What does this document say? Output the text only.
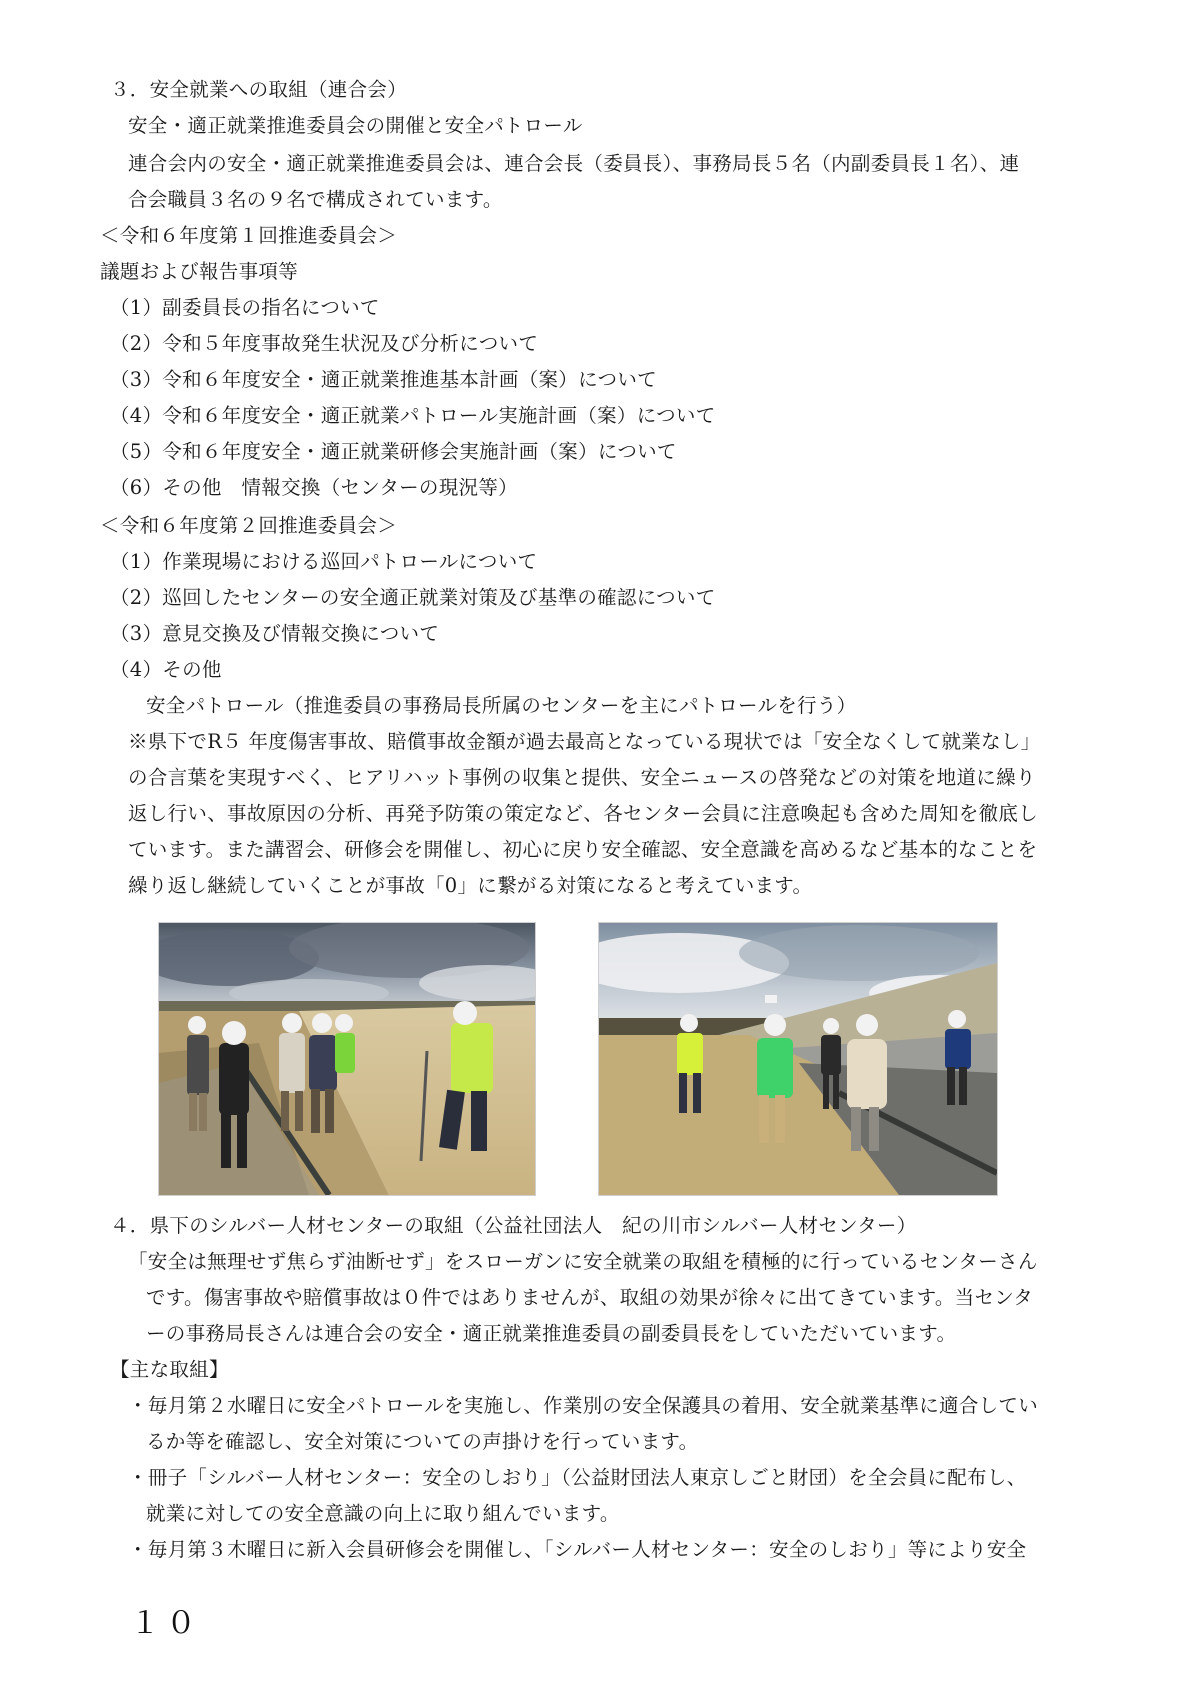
３．安全就業への取組（連合会）
安全・適正就業推進委員会の開催と安全パトロール
連合会内の安全・適正就業推進委員会は、連合会長（委員長）、事務局長５名（内副委員長１名）、連
合会職員３名の９名で構成されています。
＜令和６年度第１回推進委員会＞
議題および報告事項等
（1）副委員長の指名について
（2）令和５年度事故発生状況及び分析について
（3）令和６年度安全・適正就業推進基本計画（案）について
（4）令和６年度安全・適正就業パトロール実施計画（案）について
（5）令和６年度安全・適正就業研修会実施計画（案）について
（6）その他　情報交換（センターの現況等）
＜令和６年度第２回推進委員会＞
（1）作業現場における巡回パトロールについて
（2）巡回したセンターの安全適正就業対策及び基準の確認について
（3）意見交換及び情報交換について
（4）その他
安全パトロール（推進委員の事務局長所属のセンターを主にパトロールを行う）
※県下でR５ 年度傷害事故、賠償事故金額が過去最高となっている現状では「安全なくして就業なし」
の合言葉を実現すべく、ヒアリハット事例の収集と提供、安全ニュースの啓発などの対策を地道に繰り
返し行い、事故原因の分析、再発予防策の策定など、各センター会員に注意喚起も含めた周知を徹底し
ています。また講習会、研修会を開催し、初心に戻り安全確認、安全意識を高めるなど基本的なことを
繰り返し継続していくことが事故「0」に繋がる対策になると考えています。
４．県下のシルバー人材センターの取組（公益社団法人　紀の川市シルバー人材センター）
「安全は無理せず焦らず油断せず」をスローガンに安全就業の取組を積極的に行っているセンターさん
です。傷害事故や賠償事故は０件ではありませんが、取組の効果が徐々に出てきています。当センタ
ーの事務局長さんは連合会の安全・適正就業推進委員の副委員長をしていただいています。
【主な取組】
・毎月第２水曜日に安全パトロールを実施し、作業別の安全保護具の着用、安全就業基準に適合してい
るか等を確認し、安全対策についての声掛けを行っています。
・冊子「シルバー人材センター：安全のしおり」（公益財団法人東京しごと財団）を全会員に配布し、
就業に対しての安全意識の向上に取り組んでいます。
・毎月第３木曜日に新入会員研修会を開催し、「シルバー人材センター：安全のしおり」等により安全
１０
